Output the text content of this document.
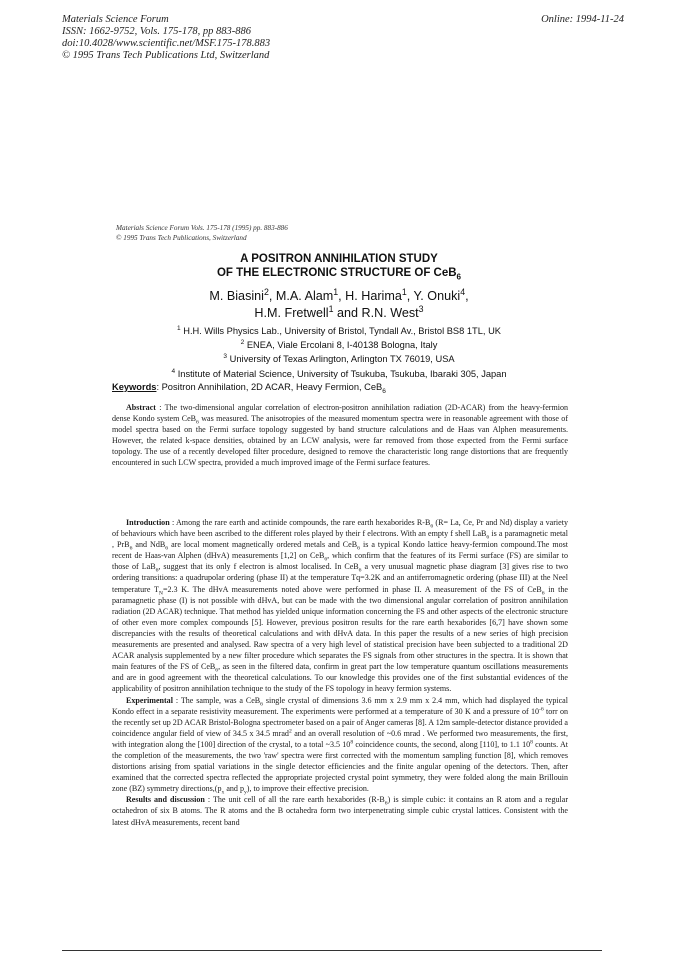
Materials Science Forum
ISSN: 1662-9752, Vols. 175-178, pp 883-886
doi:10.4028/www.scientific.net/MSF.175-178.883
© 1995 Trans Tech Publications Ltd, Switzerland
Online: 1994-11-24
Materials Science Forum Vols. 175-178 (1995) pp. 883-886
© 1995 Trans Tech Publications, Switzerland
A POSITRON ANNIHILATION STUDY
OF THE ELECTRONIC STRUCTURE OF CeB$_6$
M. Biasini$^2$, M.A. Alam$^1$, H. Harima$^1$, Y. Onuki$^4$,
H.M. Fretwell$^1$ and R.N. West$^3$
$^1$ H.H. Wills Physics Lab., University of Bristol, Tyndall Av., Bristol BS8 1TL, UK
$^2$ ENEA, Viale Ercolani 8, I-40138 Bologna, Italy
$^3$ University of Texas Arlington, Arlington TX 76019, USA
$^4$ Institute of Material Science, University of Tsukuba, Tsukuba, Ibaraki 305, Japan
Keywords: Positron Annihilation, 2D ACAR, Heavy Fermion, CeB$_6$

Abstract : The two-dimensional angular correlation of electron-positron annihilation radiation (2D-ACAR) from the heavy-fermion dense Kondo system CeB$_6$ was measured. The anisotropies of the measured momentum spectra were in reasonable agreement with those of model spectra based on the Fermi surface topology suggested by band structure calculations and de Haas van Alphen measurements. However, the related k-space densities, obtained by an LCW analysis, were far removed from those expected from the Fermi surface topology. The use of a recently developed filter procedure, designed to remove the characteristic long range distortions that are frequently encountered in such LCW spectra, provided a much improved image of the Fermi surface features.

Introduction : Among the rare earth and actinide compounds, the rare earth hexaborides $R-B_6$ (R= La, Ce, Pr and Nd) display a variety of behaviours which have been ascribed to the different roles played by their f electrons. With an empty f shell LaB$_6$ is a paramagnetic metal , PrB$_6$ and NdB$_6$ are local moment magnetically ordered metals and CeB$_6$ is a typical Kondo lattice heavy-fermion compound.The most recent de Haas-van Alphen (dHvA) measurements [1,2] on CeB$_6$, which confirm that the features of its Fermi surface (FS) are similar to those of LaB$_6$, suggest that its only f electron is almost localised. In CeB$_6$ a very unusual magnetic phase diagram [3] gives rise to two ordering transitions: a quadrupolar ordering (phase II) at the temperature Tq=3.2K and an antiferromagnetic ordering (phase III) at the Neel temperature $T_N=2.3$ K. The dHvA measurements noted above were performed in phase II. A measurement of the FS of CeB$_6$ in the paramagnetic phase (I) is not possible with dHvA, but can be made with the two dimensional angular correlation of positron annihilation radiation (2D ACAR) technique. That method has yielded unique information concerning the FS and other aspects of the electronic structure of other even more complex compounds [5]. However, previous positron results for the rare earth hexaborides [6,7] have shown some discrepancies with the results of theoretical calculations and with dHvA data. In this paper the results of a new series of high precision measurements are presented and analysed. Raw spectra of a very high level of statistical precision have been subjected to a traditional 2D ACAR analysis supplemented by a new filter procedure which separates the FS signals from other structures in the spectra. It is shown that main features of the FS of CeB$_6$, as seen in the filtered data, confirm in great part the low temperature quantum oscillations measurements and are in good agreement with the theoretical calculations. To our knowledge this provides one of the first substantial evidences of the applicability of positron annihilation technique to the study of the FS topology in heavy fermion systems.

Experimental : The sample, was a CeB$_6$ single crystal of dimensions 3.6 mm x 2.9 mm x 2.4 mm, which had displayed the typical Kondo effect in a separate resistivity measurement. The experiments were performed at a temperature of 30 K and a pressure of $10^{-6}$ torr on the recently set up 2D ACAR Bristol-Bologna spectrometer based on a pair of Anger cameras [8]. A 12m sample-detector distance provided a coincidence angular field of view of 34.5 x 34.5 mrad$^2$ and an overall resolution of ~0.6 mrad . We performed two measurements, the first, with integration along the [100] direction of the crystal, to a total ~3.5 $10^8$ coincidence counts, the second, along [110], to 1.1 $10^8$ counts. At the completion of the measurements, the two 'raw' spectra were first corrected with the momentum sampling function [8], which removes distortions arising from spatial variations in the single detector efficiencies and the finite angular opening of the detectors. Then, after examined that the corrected spectra reflected the appropriate projected crystal point symmetry, they were folded along the main Brillouin zone (BZ) symmetry $directions,(p_x$ and $p_y$), to improve their effective precision.

Results and discussion : The unit cell of all the rare earth hexaborides $(R-B_6)$ is simple cubic: it contains an R atom and a regular octahedron of six B atoms. The R atoms and the B octahedra form two interpenetrating simple cubic crystal lattices. Consistent with the latest dHvA measurements, recent band
